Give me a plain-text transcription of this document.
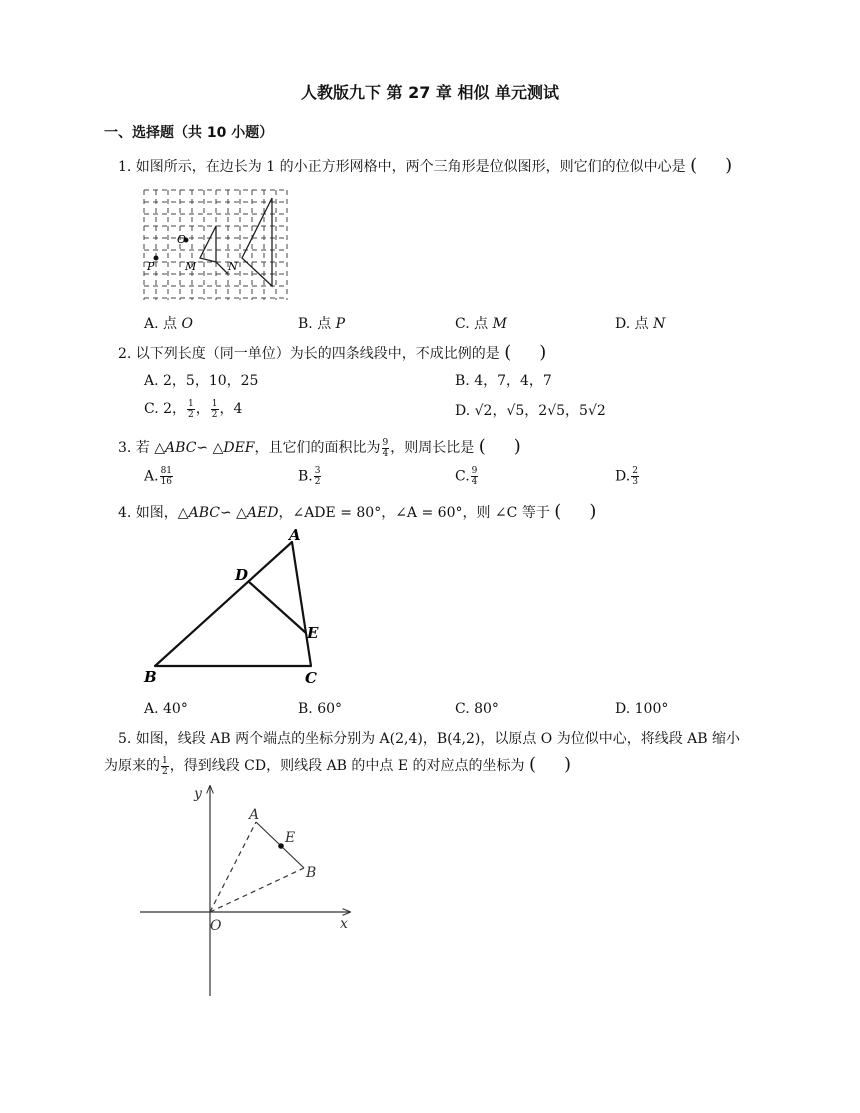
人教版九下 第 27 章 相似 单元测试
一、选择题（共 10 小题）
1. 如图所示，在边长为 1 的小正方形网格中，两个三角形是位似图形，则它们的位似中心是 ( )
O
P	M	N
A. 点 O	B. 点 P	C. 点 M	D. 点 N
2. 以下列长度（同一单位）为长的四条线段中，不成比例的是 ( )
A. 2，5，10，25	B. 4，7，4，7
C. 2， $\frac{1}{2}$ ， $\frac{1}{2}$ ，4	D. √2，√5，2√5，5√2
3. 若 △ABC∽ △DEF，且它们的面积比为 $\frac{9}{4}$ ，则周长比是 ( )
A. $\frac{81}{16}$	B. $\frac{3}{2}$	C. $\frac{9}{4}$	D. $\frac{2}{3}$
4. 如图，△ABC∽ △AED，∠ADE = 80°，∠A = 60°，则 ∠C 等于 ( )
A
D
E
B	C
A. 40°	B. 60°	C. 80°	D. 100°
5. 如图，线段 AB 两个端点的坐标分别为 A(2,4)，B(4,2)，以原点 O 为位似中心，将线段 AB 缩小
为原来的 $\frac{1}{2}$ ，得到线段 CD，则线段 AB 的中点 E 的对应点的坐标为 ( )
y
x
O
A
E
B
